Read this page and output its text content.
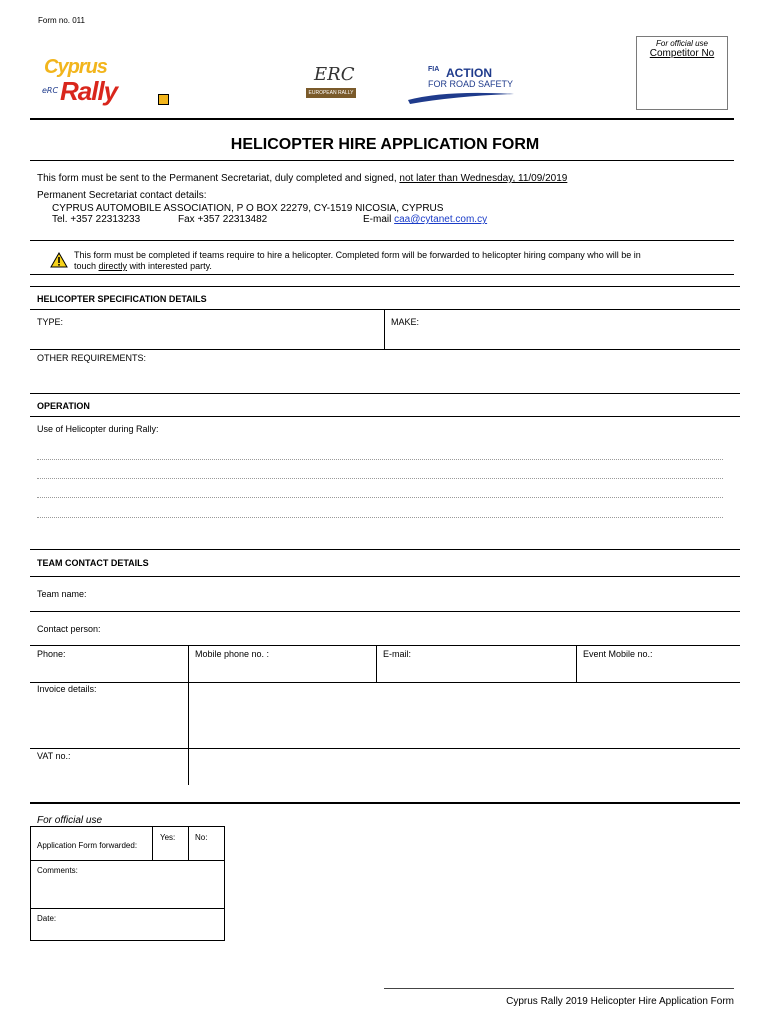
Form no. 011
For official use
Competitor No
Cyprus
Rally
eRC
ERC
EUROPEAN RALLY
FIA ACTION
FOR ROAD SAFETY
HELICOPTER HIRE APPLICATION FORM
This form must be sent to the Permanent Secretariat, duly completed and signed, not later than Wednesday, 11/09/2019
Permanent Secretariat contact details:
CYPRUS AUTOMOBILE ASSOCIATION, P O BOX 22279, CY-1519 NICOSIA, CYPRUS
Tel. +357 22313233	Fax +357 22313482	E-mail caa@cytanet.com.cy
This form must be completed if teams require to hire a helicopter. Completed form will be forwarded to helicopter hiring company who will be in
touch directly with interested party.
HELICOPTER SPECIFICATION DETAILS
TYPE:	MAKE:
OTHER REQUIREMENTS:
OPERATION
Use of Helicopter during Rally:
TEAM CONTACT DETAILS
Team name:
Contact person:
Phone:	Mobile phone no. :	E-mail:	Event Mobile no.:
Invoice details:
VAT no.:
For official use
Application Form forwarded:
Yes: No:
Comments:
Date:
Cyprus Rally 2019 Helicopter Hire Application Form
